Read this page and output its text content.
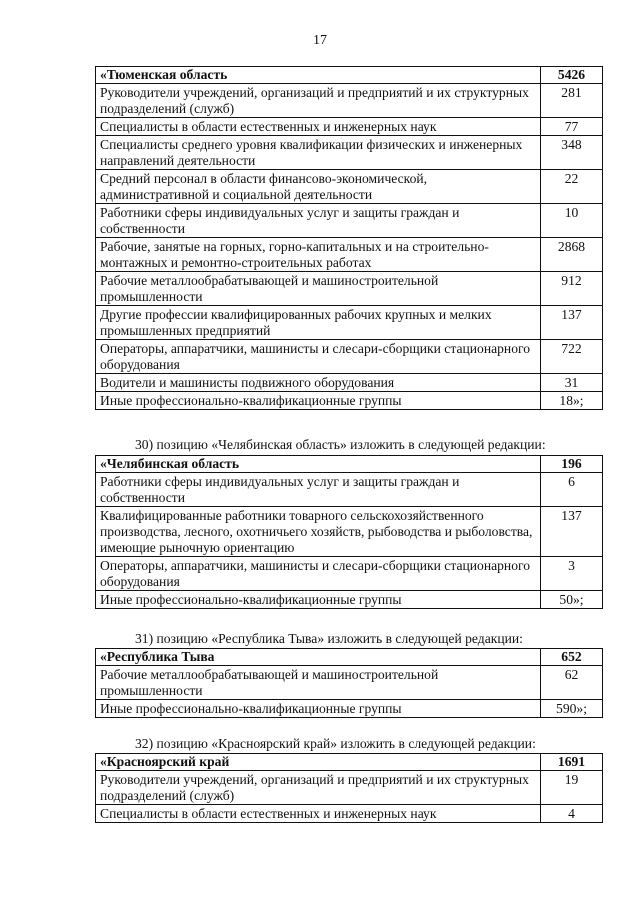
17
«Тюменская область	5426
Руководители учреждений, организаций и предприятий и их структурных подразделений (служб)	281
Специалисты в области естественных и инженерных наук	77
Специалисты среднего уровня квалификации физических и инженерных направлений деятельности	348
Средний персонал в области финансово-экономической, административной и социальной деятельности	22
Работники сферы индивидуальных услуг и защиты граждан и собственности	10
Рабочие, занятые на горных, горно-капитальных и на строительно-монтажных и ремонтно-строительных работах	2868
Рабочие металлообрабатывающей и машиностроительной промышленности	912
Другие профессии квалифицированных рабочих крупных и мелких промышленных предприятий	137
Операторы, аппаратчики, машинисты и слесари-сборщики стационарного оборудования	722
Водители и машинисты подвижного оборудования	31
Иные профессионально-квалификационные группы	18»;
30) позицию «Челябинская область» изложить в следующей редакции:
«Челябинская область	196
Работники сферы индивидуальных услуг и защиты граждан и собственности	6
Квалифицированные работники товарного сельскохозяйственного производства, лесного, охотничьего хозяйств, рыбоводства и рыболовства, имеющие рыночную ориентацию	137
Операторы, аппаратчики, машинисты и слесари-сборщики стационарного оборудования	3
Иные профессионально-квалификационные группы	50»;
31) позицию «Республика Тыва» изложить в следующей редакции:
«Республика Тыва	652
Рабочие металлообрабатывающей и машиностроительной промышленности	62
Иные профессионально-квалификационные группы	590»;
32) позицию «Красноярский край» изложить в следующей редакции:
«Красноярский край	1691
Руководители учреждений, организаций и предприятий и их структурных подразделений (служб)	19
Специалисты в области естественных и инженерных наук	4
